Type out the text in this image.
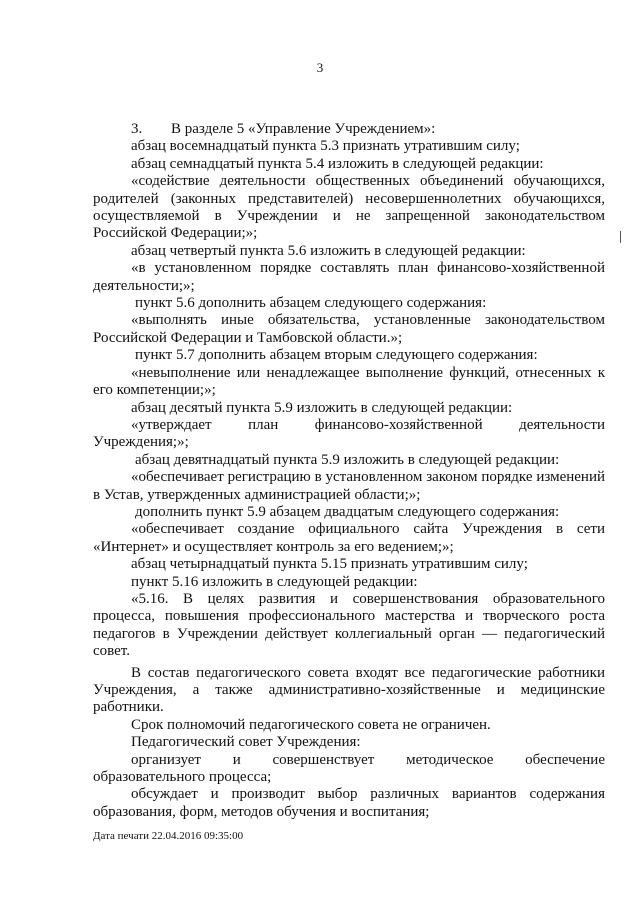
3

3. В разделе 5 «Управление Учреждением»:

абзац восемнадцатый пункта 5.3 признать утратившим силу;

абзац семнадцатый пункта 5.4 изложить в следующей редакции:

«содействие деятельности общественных объединений обучающихся, родителей (законных представителей) несовершеннолетних обучающихся, осуществляемой в Учреждении и не запрещенной законодательством Российской Федерации;»;

абзац четвертый пункта 5.6 изложить в следующей редакции:

«в установленном порядке составлять план финансово-хозяйственной деятельности;»;

пункт 5.6 дополнить абзацем следующего содержания:

«выполнять иные обязательства, установленные законодательством Российской Федерации и Тамбовской области.»;

пункт 5.7 дополнить абзацем вторым следующего содержания:

«невыполнение или ненадлежащее выполнение функций, отнесенных к его компетенции;»;

абзац десятый пункта 5.9 изложить в следующей редакции:

«утверждает план финансово-хозяйственной деятельности Учреждения;»;

абзац девятнадцатый пункта 5.9 изложить в следующей редакции:

«обеспечивает регистрацию в установленном законом порядке изменений в Устав, утвержденных администрацией области;»;

дополнить пункт 5.9 абзацем двадцатым следующего содержания:

«обеспечивает создание официального сайта Учреждения в сети «Интернет» и осуществляет контроль за его ведением;»;

абзац четырнадцатый пункта 5.15 признать утратившим силу;

пункт 5.16 изложить в следующей редакции:

«5.16. В целях развития и совершенствования образовательного процесса, повышения профессионального мастерства и творческого роста педагогов в Учреждении действует коллегиальный орган — педагогический совет.

В состав педагогического совета входят все педагогические работники Учреждения, а также административно-хозяйственные и медицинские работники.

Срок полномочий педагогического совета не ограничен.

Педагогический совет Учреждения:

организует и совершенствует методическое обеспечение образовательного процесса;

обсуждает и производит выбор различных вариантов содержания образования, форм, методов обучения и воспитания;

Дата печати 22.04.2016 09:35:00
